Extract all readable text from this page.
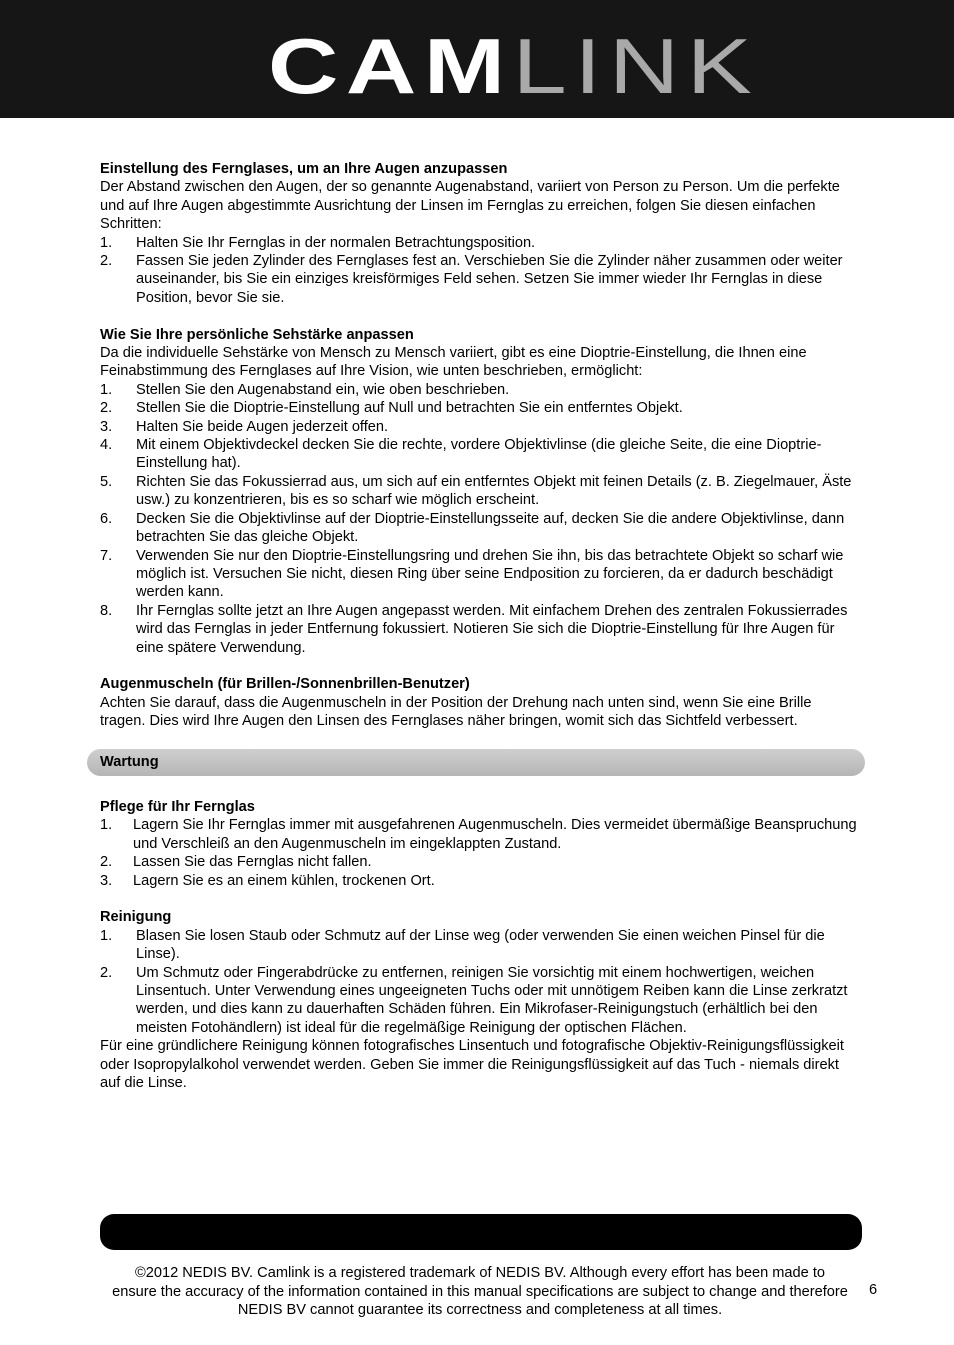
CAMLINK
Einstellung des Fernglases, um an Ihre Augen anzupassen

Der Abstand zwischen den Augen, der so genannte Augenabstand, variiert von Person zu Person. Um die perfekte und auf Ihre Augen abgestimmte Ausrichtung der Linsen im Fernglas zu erreichen, folgen Sie diesen einfachen Schritten:

1. Halten Sie Ihr Fernglas in der normalen Betrachtungsposition.
2. Fassen Sie jeden Zylinder des Fernglases fest an. Verschieben Sie die Zylinder näher zusammen oder weiter auseinander, bis Sie ein einziges kreisförmiges Feld sehen. Setzen Sie immer wieder Ihr Fernglas in diese Position, bevor Sie sie.
Wie Sie Ihre persönliche Sehstärke anpassen

Da die individuelle Sehstärke von Mensch zu Mensch variiert, gibt es eine Dioptrie-Einstellung, die Ihnen eine Feinabstimmung des Fernglases auf Ihre Vision, wie unten beschrieben, ermöglicht:

1. Stellen Sie den Augenabstand ein, wie oben beschrieben.
2. Stellen Sie die Dioptrie-Einstellung auf Null und betrachten Sie ein entferntes Objekt.
3. Halten Sie beide Augen jederzeit offen.
4. Mit einem Objektivdeckel decken Sie die rechte, vordere Objektivlinse (die gleiche Seite, die eine Dioptrie-Einstellung hat).
5. Richten Sie das Fokussierrad aus, um sich auf ein entferntes Objekt mit feinen Details (z. B. Ziegelmauer, Äste usw.) zu konzentrieren, bis es so scharf wie möglich erscheint.
6. Decken Sie die Objektivlinse auf der Dioptrie-Einstellungsseite auf, decken Sie die andere Objektivlinse, dann betrachten Sie das gleiche Objekt.
7. Verwenden Sie nur den Dioptrie-Einstellungsring und drehen Sie ihn, bis das betrachtete Objekt so scharf wie möglich ist. Versuchen Sie nicht, diesen Ring über seine Endposition zu forcieren, da er dadurch beschädigt werden kann.
8. Ihr Fernglas sollte jetzt an Ihre Augen angepasst werden. Mit einfachem Drehen des zentralen Fokussierrades wird das Fernglas in jeder Entfernung fokussiert. Notieren Sie sich die Dioptrie-Einstellung für Ihre Augen für eine spätere Verwendung.
Augenmuscheln (für Brillen-/Sonnenbrillen-Benutzer)

Achten Sie darauf, dass die Augenmuscheln in der Position der Drehung nach unten sind, wenn Sie eine Brille tragen. Dies wird Ihre Augen den Linsen des Fernglases näher bringen, womit sich das Sichtfeld verbessert.

Wartung
Pflege für Ihr Fernglas
1. Lagern Sie Ihr Fernglas immer mit ausgefahrenen Augenmuscheln. Dies vermeidet übermäßige Beanspruchung und Verschleiß an den Augenmuscheln im eingeklappten Zustand.
2. Lassen Sie das Fernglas nicht fallen.
3. Lagern Sie es an einem kühlen, trockenen Ort.
Reinigung
1. Blasen Sie losen Staub oder Schmutz auf der Linse weg (oder verwenden Sie einen weichen Pinsel für die Linse).
2. Um Schmutz oder Fingerabdrücke zu entfernen, reinigen Sie vorsichtig mit einem hochwertigen, weichen Linsentuch. Unter Verwendung eines ungeeigneten Tuchs oder mit unnötigem Reiben kann die Linse zerkratzt werden, und dies kann zu dauerhaften Schäden führen. Ein Mikrofaser-Reinigungstuch (erhältlich bei den meisten Fotohändlern) ist ideal für die regelmäßige Reinigung der optischen Flächen.

Für eine gründlichere Reinigung können fotografisches Linsentuch und fotografische Objektiv-Reinigungsflüssigkeit oder Isopropylalkohol verwendet werden. Geben Sie immer die Reinigungsflüssigkeit auf das Tuch - niemals direkt auf die Linse.

©2012 NEDIS BV. Camlink is a registered trademark of NEDIS BV. Although every effort has been made to ensure the accuracy of the information contained in this manual specifications are subject to change and therefore NEDIS BV cannot guarantee its correctness and completeness at all times.
6
